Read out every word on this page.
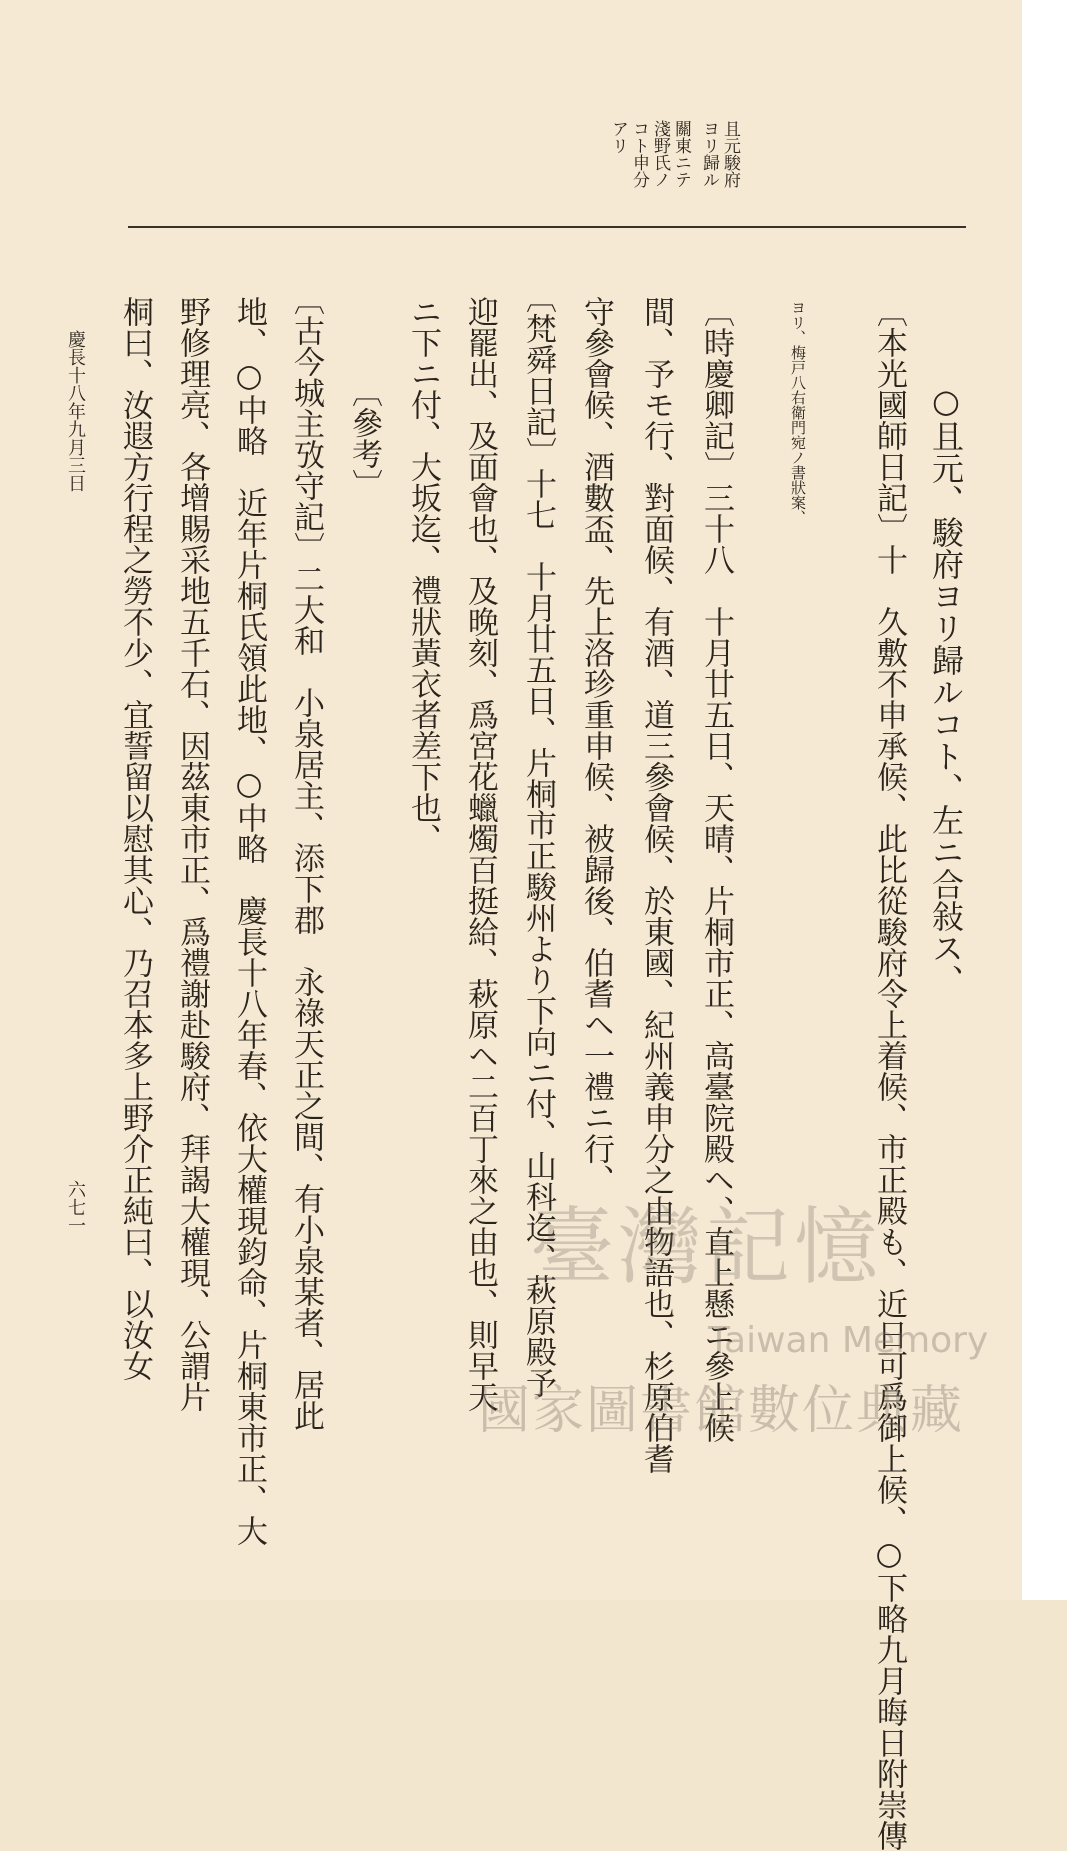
且元駿府
ヨリ歸ル
關東ニテ
淺野氏ノ
コト申分
アリ
○且元、駿府ヨリ歸ルコト、左ニ合敍ス、
〔本光國師日記〕十　久敷不申承候、此比從駿府令上着候、市正殿も、近日可爲御上候、○下略九月晦日附崇傳
ヨリ、梅戸八右衛門宛ノ書狀案、
〔時慶卿記〕三十八　十月廿五日、天晴、片桐市正、高臺院殿ヘ、直上懸ニ參上候
間、予モ行、對面候、有酒、道三參會候、於東國、紀州義申分之由物語也、杉原伯耆
守參會候、酒數盃、先上洛珍重申候、被歸後、伯耆ヘ一禮ニ行、
〔梵舜日記〕十七　十月廿五日、片桐市正駿州より下向ニ付、山科迄、萩原殿予
迎罷出、及面會也、及晚刻、爲宮花蠟燭百挺給、萩原ヘ二百丁來之由也、則早天
ニ下ニ付、大坂迄、禮狀黃衣者差下也、
〔參考〕
〔古今城主攷守記〕二大和　小泉居主、添下郡　永祿天正之間、有小泉某者、居此
地、○中略　近年片桐氏領此地、○中略　慶長十八年春、依大權現鈞命、片桐東市正、大
野修理亮、各增賜采地五千石、因茲東市正、爲禮謝赴駿府、拜謁大權現、公謂片
桐曰、汝遐方行程之勞不少、宜誓留以慰其心、乃召本多上野介正純曰、以汝女
慶長十八年九月三日
六七一	臺灣記憶
Taiwan Memory
國家圖書館數位典藏
